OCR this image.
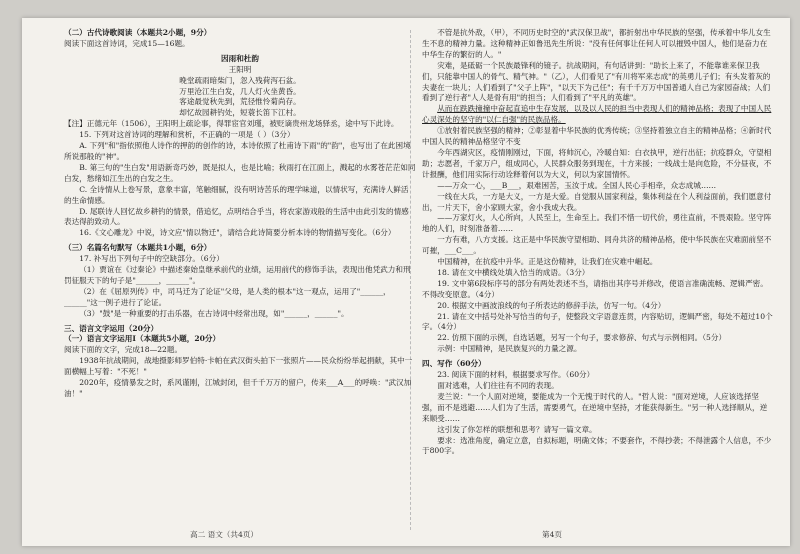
（二）古代诗歌阅读（本题共2小题，9分）

阅读下面这首诗词，完成15—16题。

因雨和杜韵

王阳明

晚堂疏雨暗柴门，忽入残荷泻石盆。

万里沧江生白发，几人灯火坐黄昏。

客途最觉秋先到，荒径惟怜菊尚存。

却忆故园耕钓处，短蓑长笛下江村。

【注】正德元年（1506），王阳明上疏论事，得罪宦官刘瑾，被贬谪贵州龙场驿丞，途中写下此诗。

15. 下列对这首诗词的理解和赏析，不正确的一项是（ ）（3分）

A. 下列"和"指依照他人诗作的押韵的创作的诗，本诗依照了杜甫诗下雨"的"韵"，也写出了在此困境所说那般的"神"。

B. 第三句的"生白发"用语新奇巧妙，既是拟人，也是比喻；秋雨打在江面上，溅起的水雾苍茫茫如同白发，愁绪如江生出的白发之生。

C. 全诗情从上卷写景，意象丰富，笔触细腻，没有明诗苦乐的理学味道，以情状写，充满诗人鲜活的生命情感。

D. 尾联诗人回忆故乡耕钓的情景，借追忆，点明结合乎当，将农家游戏般的生活中由此引发的情感表达得韵致动人。

16.《文心雕龙》中说，诗文应"情以物迁"，请结合此诗简要分析本诗的物情描写变化。（6分）

（三）名篇名句默写（本题共1小题，6分）

17. 补写出下列句子中的空缺部分。（6分）

（1）贾谊在《过秦论》中描述秦始皇继承前代的业绩，运用前代的修饰手法，表现出他凭武力和刑罚征服天下的句子是"______，______"。

（2）在《屈原列传》中，司马迁为了论证"父母，是人类的根本"这一观点，运用了"______，______"这一例子进行了论证。

（3）"鼓"是一种重要的打击乐器，在古诗词中经常出现，如"______，______"。

三、语言文字运用（20分）

（一）语言文字运用Ⅰ（本题共5小题，20分）

阅读下面的文字，完成18—22题。

1938年抗战期间，战地摄影师罗伯特·卡帕在武汉街头拍下一张照片——民众纷纷举起捐献，其中一面横幅上写着："不死！"

2020年，疫情暴发之时，系风谨刚，江城封闭，但千千万万的留户，传来___A___的呼唤："武汉加油！"

不管是抗外敌，（甲），不同历史时空的"武汉保卫战"，都折射出中华民族的坚强，传承着中华儿女生生不息的精神力量。这种精神正如鲁迅先生所说："没有任何事让任何人可以摧毁中国人，他们是奋力在中华生存的繁衍的人。"

灾难，是砥砺一个民族最锋利的镜子。抗战期间，有句话讲到："助长上来了，不能靠谁来保卫我们，只能靠中国人的骨气、精气神。"（乙），人们看见了"有川将军来志成"的英勇儿子们；有头发着灰的夫妻在一块儿；人们看到了"父子上阵"，"以天下为己任"；有千千万万中国普通人自己为家园奋战；人们看到了逆行者"人人是骨有用"的担当；人们看到了"平凡的英雄"。

从而在跌跌撞撞中奋起直追中生存发展，以及以人民的担当中表现人们的精神品格；表现了中国人民心灵深处的坚守的"以仁自强"的民族品格。

①放射着民族坚强的精神；②彰显着中华民族的优秀传统；③坚持着独立自主的精神品格；④新时代中国人民的精神品格坚守不变

今年西湖灾区，疫情刚刚过，下面，将帅沉心，冷暖自知：白衣执甲，逆行出征；抗疫群众，守望相助；志愿者，千家万户，组成同心，人民群众服务到现在，十方来援；一线战士是向危险，不分昼夜，不计报酬，他们用实际行动诠释着何以为大义，何以为家国情怀。

——万众一心，___B___，艰难困苦，玉汝于成。全国人民心手相牵，众志成城……

一线在大兵，一方是大义，一方是大爱。自觉服从国家利益，集体利益在个人利益面前，我们愿意付出，一片天下，舍小家顾大家，舍小我成大我。

——万家灯火，人心所向，人民至上，生命至上。我们不惜一切代价，勇往直前，不畏艰险。坚守阵地的人们，时刻准备着……

一方有难，八方支援。这正是中华民族守望相助、同舟共济的精神品格，使中华民族在灾难面前坚不可摧，___C___。

中国精神，在抗疫中升华。正是这份精神，让我们在灾难中崛起。

18. 请在文中横线处填入恰当的成语。（3分）

19. 文中第6段标序号的部分有两处表述不当，请指出其序号并修改，使语言准确流畅、逻辑严密。不得改变原意。（4分）

20. 根据文中画波浪线的句子所表达的修辞手法，仿写一句。（4分）

21. 请在文中括号处补写恰当的句子，使整段文字语意连贯，内容贴切，逻辑严密，每处不超过10个字。（4分）

22. 仿照下面的示例，自选话题，另写一个句子，要求修辞、句式与示例相同。（5分）

示例：中国精神，是民族复兴的力量之源。

四、写作（60分）

23. 阅读下面的材料，根据要求写作。（60分）

面对逃难，人们往往有不同的表现。

麦兰说："一个人面对逆境，要能成为一个无愧于时代的人。"哲人说："面对逆境，人应该选择坚强，而不是逃避……人们为了生活，需要勇气，在逆境中坚持，才能获得新生。"另一种人选择顺从，逆来顺受……

这引发了你怎样的联想和思考？请写一篇文章。

要求：选准角度，确定立意，自拟标题，明确文体；不要套作，不得抄袭；不得泄露个人信息，不少于800字。

高二 语文（共4页）	第4页
